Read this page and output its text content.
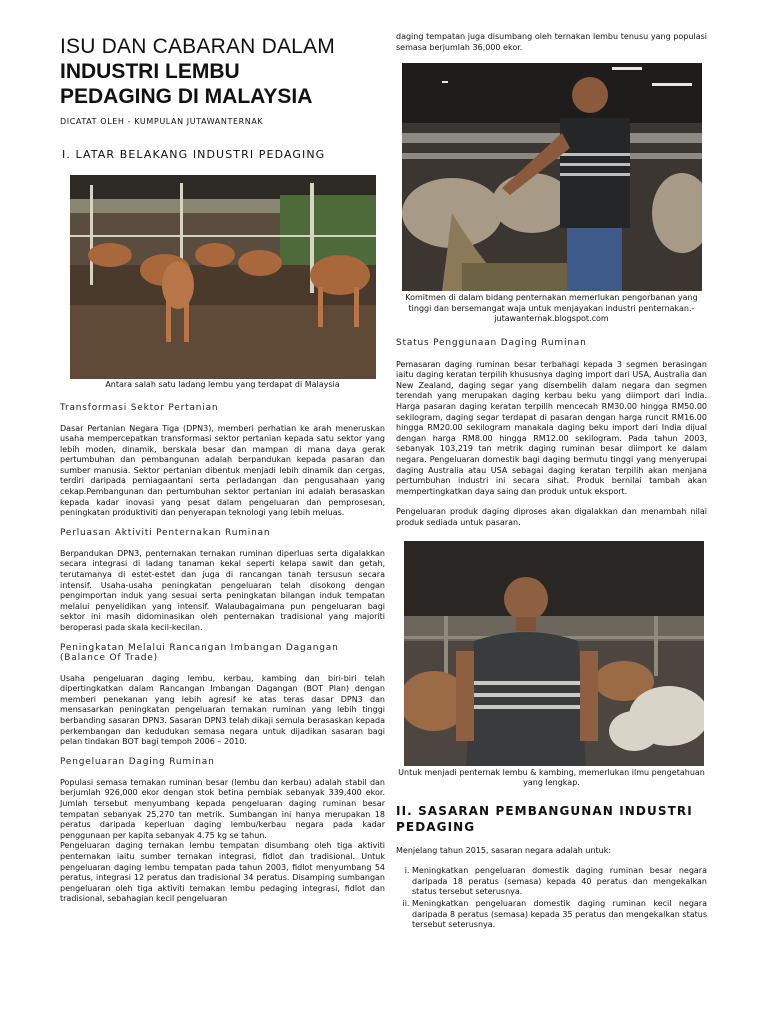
ISU DAN CABARAN DALAM
INDUSTRI LEMBU
PEDAGING DI MALAYSIA
DICATAT OLEH - KUMPULAN JUTAWANTERNAK
I. LATAR BELAKANG INDUSTRI PEDAGING

Antara salah satu ladang lembu yang terdapat di Malaysia

Transformasi Sektor Pertanian

Dasar Pertanian Negara Tiga (DPN3), memberi perhatian ke arah meneruskan usaha mempercepatkan transformasi sektor pertanian kepada satu sektor yang lebih moden, dinamik, berskala besar dan mampan di mana daya gerak pertumbuhan dan pembangunan adalah berpandukan kepada pasaran dan sumber manusia. Sektor pertanian dibentuk menjadi lebih dinamik dan cergas, terdiri daripada perniagaantani serta perladangan dan pengusahaan yang cekap.Pembangunan dan pertumbuhan sektor pertanian ini adalah berasaskan kepada kadar inovasi yang pesat dalam pengeluaran dan pemprosesan, peningkatan produktiviti dan penyerapan teknologi yang lebih meluas.

Perluasan Aktiviti Penternakan Ruminan

Berpandukan DPN3, penternakan ternakan ruminan diperluas serta digalakkan secara integrasi di ladang tanaman kekal seperti kelapa sawit dan getah, terutamanya di estet-estet dan juga di rancangan tanah tersusun secara intensif. Usaha-usaha peningkatan pengeluaran telah disokong dengan pengimportan induk yang sesuai serta peningkatan bilangan induk tempatan melalui penyelidikan yang intensif. Walaubagaimana pun pengeluaran bagi sektor ini masih didominasikan oleh penternakan tradisional yang majoriti beroperasi pada skala kecil-kecilan.

Peningkatan Melalui Rancangan Imbangan Dagangan (Balance Of Trade)

Usaha pengeluaran daging lembu, kerbau, kambing dan biri-biri telah dipertingkatkan dalam Rancangan Imbangan Dagangan (BOT Plan) dengan memberi penekanan yang lebih agresif ke atas teras dasar DPN3 dan mensasarkan peningkatan pengeluaran ternakan ruminan yang lebih tinggi berbanding sasaran DPN3. Sasaran DPN3 telah dikaji semula berasaskan kepada perkembangan dan kedudukan semasa negara untuk dijadikan sasaran bagi pelan tindakan BOT bagi tempoh 2006 – 2010.

Pengeluaran Daging Ruminan

Populasi semasa ternakan ruminan besar (lembu dan kerbau) adalah stabil dan berjumlah 926,000 ekor dengan stok betina pembiak sebanyak 339,400 ekor. Jumlah tersebut menyumbang kepada pengeluaran daging ruminan besar tempatan sebanyak 25,270 tan metrik. Sumbangan ini hanya merupakan 18 peratus daripada keperluan daging lembu/kerbau negara pada kadar penggunaan per kapita sebanyak 4.75 kg se tahun.

Pengeluaran daging ternakan lembu tempatan disumbang oleh tiga aktiviti penternakan iaitu sumber ternakan integrasi, fidlot dan tradisional. Untuk pengeluaran daging lembu tempatan pada tahun 2003, fidlot menyumbang 54 peratus, integrasi 12 peratus dan tradisional 34 peratus. Disamping sumbangan pengeluaran oleh tiga aktiviti ternakan lembu pedaging integrasi, fidlot dan tradisional, sebahagian kecil pengeluaran

daging tempatan juga disumbang oleh ternakan lembu tenusu yang populasi semasa berjumlah 36,000 ekor.

Komitmen di dalam bidang penternakan memerlukan pengorbanan yang tinggi dan bersemangat waja untuk menjayakan industri penternakan.- jutawanternak.blogspot.com

Status Penggunaan Daging Ruminan

Pemasaran daging ruminan besar terbahagi kepada 3 segmen berasingan iaitu daging keratan terpilih khususnya daging import dari USA, Australia dan New Zealand, daging segar yang disembelih dalam negara dan segmen terendah yang merupakan daging kerbau beku yang diimport dari India. Harga pasaran daging keratan terpilih mencecah RM30.00 hingga RM50.00 sekilogram, daging segar terdapat di pasaran dengan harga runcit RM16.00 hingga RM20.00 sekilogram manakala daging beku import dari India dijual dengan harga RM8.00 hingga RM12.00 sekilogram. Pada tahun 2003, sebanyak 103,219 tan metrik daging ruminan besar diimport ke dalam negara. Pengeluaran domestik bagi daging bermutu tinggi yang menyerupai daging Australia atau USA sebagai daging keratan terpilih akan menjana pertumbuhan industri ini secara sihat. Produk bernilai tambah akan mempertingkatkan daya saing dan produk untuk eksport.

Pengeluaran produk daging diproses akan digalakkan dan menambah nilai produk sediada untuk pasaran.

Untuk menjadi penternak lembu & kambing, memerlukan ilmu pengetahuan yang lengkap.

II. SASARAN PEMBANGUNAN INDUSTRI PEDAGING

Menjelang tahun 2015, sasaran negara adalah untuk:

i. Meningkatkan pengeluaran domestik daging ruminan besar negara daripada 18 peratus (semasa) kepada 40 peratus dan mengekalkan status tersebut seterusnya.
ii. Meningkatkan pengeluaran domestik daging ruminan kecil negara daripada 8 peratus (semasa) kepada 35 peratus dan mengekalkan status tersebut seterusnya.
